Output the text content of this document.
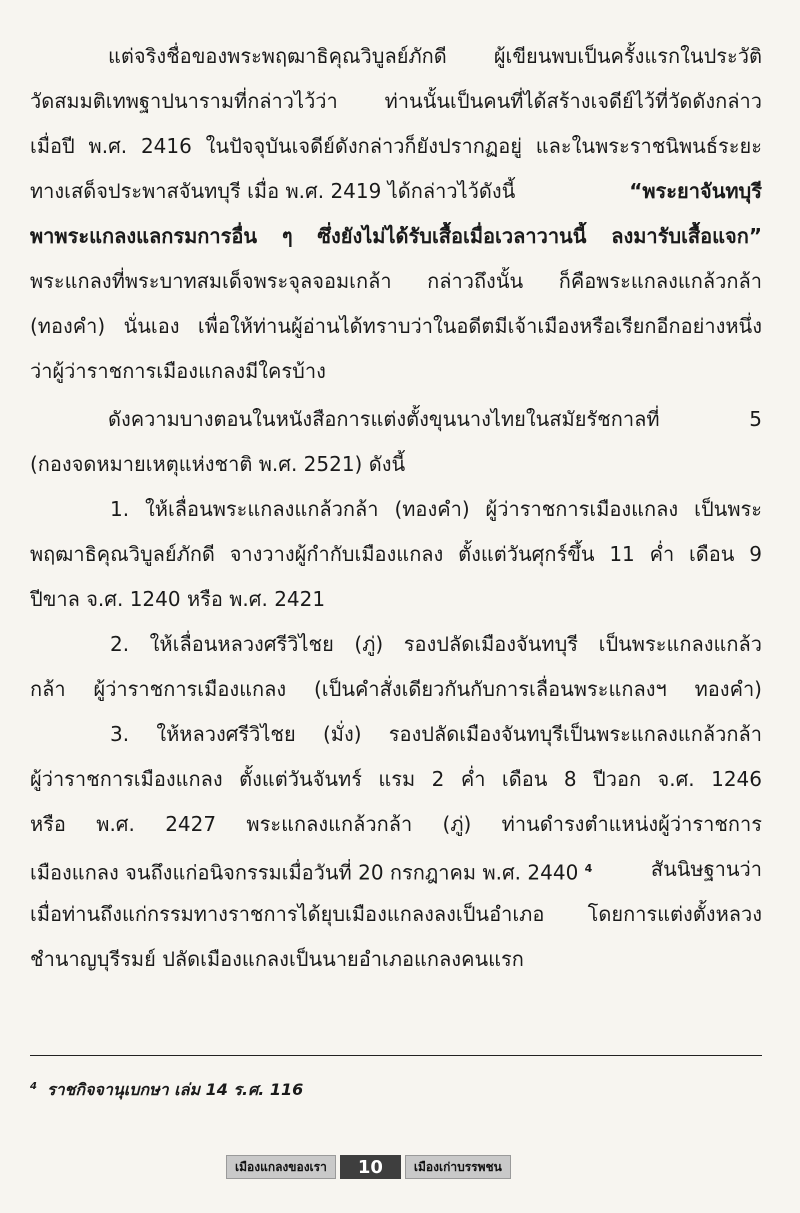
แต่จริงชื่อของพระพฤฒาธิคุณวิบูลย์ภักดี ผู้เขียนพบเป็นครั้งแรกในประวัติ
วัดสมมติเทพฐาปนารามที่กล่าวไว้ว่า ท่านนั้นเป็นคนที่ได้สร้างเจดีย์ไว้ที่วัดดังกล่าว
เมื่อปี พ.ศ. 2416 ในปัจจุบันเจดีย์ดังกล่าวก็ยังปรากฏอยู่ และในพระราชนิพนธ์ระยะ
ทางเสด็จประพาสจันทบุรี เมื่อ พ.ศ. 2419 ได้กล่าวไว้ดังนี้	“พระยาจันทบุรี
พาพระแกลงแลกรมการอื่น ๆ ซึ่งยังไม่ได้รับเสื้อเมื่อเวลาวานนี้ ลงมารับเสื้อแจก”
พระแกลงที่พระบาทสมเด็จพระจุลจอมเกล้า กล่าวถึงนั้น ก็คือพระแกลงแกล้วกล้า
(ทองคำ) นั่นเอง เพื่อให้ท่านผู้อ่านได้ทราบว่าในอดีตมีเจ้าเมืองหรือเรียกอีกอย่างหนึ่ง
ว่าผู้ว่าราชการเมืองแกลงมีใครบ้าง
ดังความบางตอนในหนังสือการแต่งตั้งขุนนางไทยในสมัยรัชกาลที่ 5
(กองจดหมายเหตุแห่งชาติ พ.ศ. 2521) ดังนี้
1. ให้เลื่อนพระแกลงแกล้วกล้า (ทองคำ) ผู้ว่าราชการเมืองแกลง เป็นพระ
พฤฒาธิคุณวิบูลย์ภักดี จางวางผู้กำกับเมืองแกลง ตั้งแต่วันศุกร์ขึ้น 11 ค่ำ เดือน 9
ปีขาล จ.ศ. 1240 หรือ พ.ศ. 2421
2. ให้เลื่อนหลวงศรีวิไชย (ภู่) รองปลัดเมืองจันทบุรี เป็นพระแกลงแกล้ว
กล้า ผู้ว่าราชการเมืองแกลง (เป็นคำสั่งเดียวกันกับการเลื่อนพระแกลงฯ ทองคำ)
3. ให้หลวงศรีวิไชย (มั่ง) รองปลัดเมืองจันทบุรีเป็นพระแกลงแกล้วกล้า
ผู้ว่าราชการเมืองแกลง ตั้งแต่วันจันทร์ แรม 2 ค่ำ เดือน 8 ปีวอก จ.ศ. 1246
หรือ พ.ศ. 2427 พระแกลงแกล้วกล้า (ภู่) ท่านดำรงตำแหน่งผู้ว่าราชการ
เมืองแกลง จนถึงแก่อนิจกรรมเมื่อวันที่ 20 กรกฎาคม พ.ศ. 2440 $^4$	สันนิษฐานว่า
เมื่อท่านถึงแก่กรรมทางราชการได้ยุบเมืองแกลงลงเป็นอำเภอ โดยการแต่งตั้งหลวง
ชำนาญบุรีรมย์ ปลัดเมืองแกลงเป็นนายอำเภอแกลงคนแรก
$^4$ ราชกิจจานุเบกษา เล่ม 14 ร.ศ. 116
เมืองแกลงของเรา	10	เมืองเก่าบรรพชน
